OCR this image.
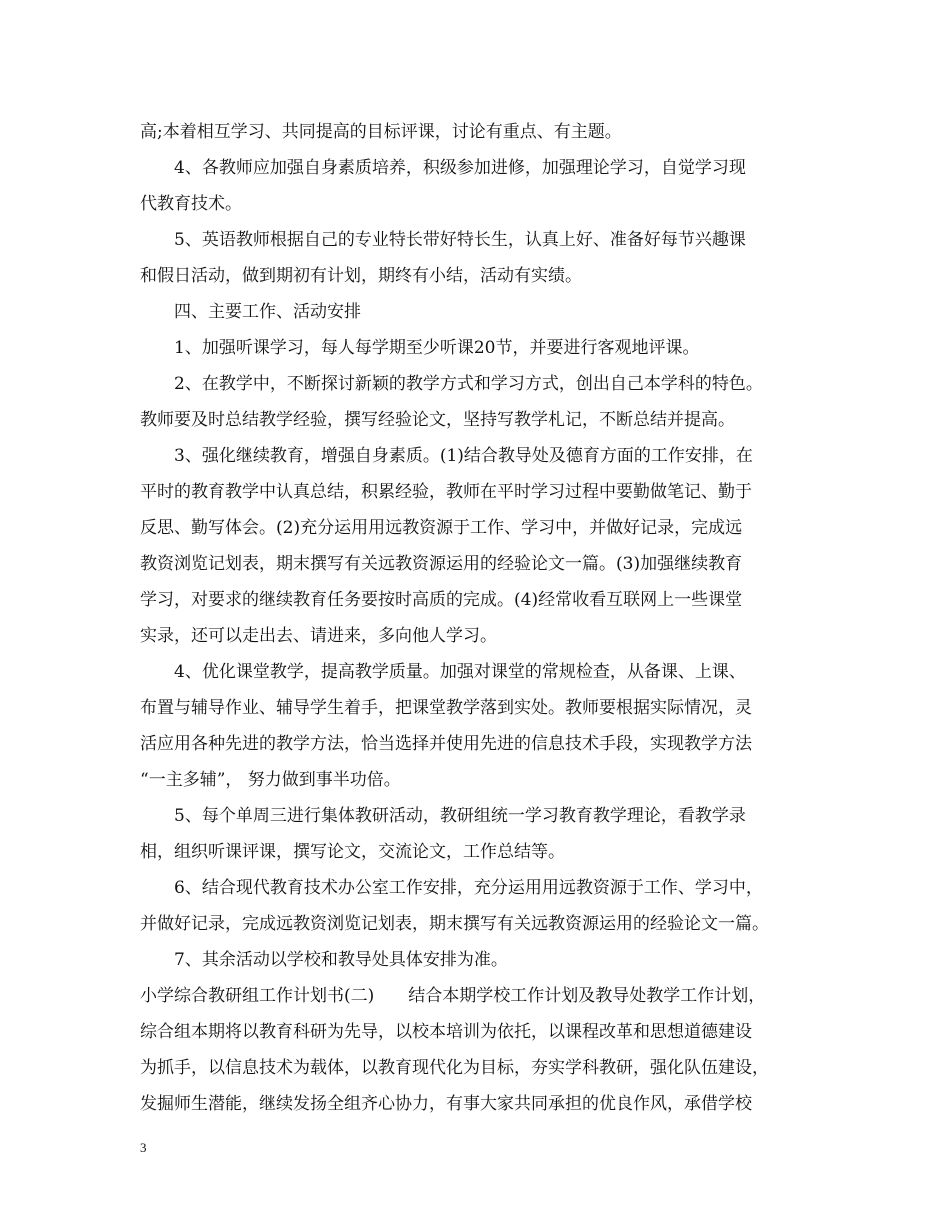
高;本着相互学习、共同提高的目标评课，讨论有重点、有主题。
4、各教师应加强自身素质培养，积级参加进修，加强理论学习，自觉学习现
代教育技术。
5、英语教师根据自己的专业特长带好特长生，认真上好、准备好每节兴趣课
和假日活动，做到期初有计划，期终有小结，活动有实绩。
四、主要工作、活动安排
1、加强听课学习，每人每学期至少听课20节，并要进行客观地评课。
2、在教学中，不断探讨新颖的教学方式和学习方式，创出自己本学科的特色。
教师要及时总结教学经验，撰写经验论文，坚持写教学札记，不断总结并提高。
3、强化继续教育，增强自身素质。(1)结合教导处及德育方面的工作安排，在
平时的教育教学中认真总结，积累经验，教师在平时学习过程中要勤做笔记、勤于
反思、勤写体会。(2)充分运用用远教资源于工作、学习中，并做好记录，完成远
教资浏览记划表，期末撰写有关远教资源运用的经验论文一篇。(3)加强继续教育
学习，对要求的继续教育任务要按时高质的完成。(4)经常收看互联网上一些课堂
实录，还可以走出去、请进来，多向他人学习。
4、优化课堂教学，提高教学质量。加强对课堂的常规检查，从备课、上课、
布置与辅导作业、辅导学生着手，把课堂教学落到实处。教师要根据实际情况，灵
活应用各种先进的教学方法，恰当选择并使用先进的信息技术手段，实现教学方法
“一主多辅”， 努力做到事半功倍。
5、每个单周三进行集体教研活动，教研组统一学习教育教学理论，看教学录
相，组织听课评课，撰写论文，交流论文，工作总结等。
6、结合现代教育技术办公室工作安排，充分运用用远教资源于工作、学习中，
并做好记录，完成远教资浏览记划表，期末撰写有关远教资源运用的经验论文一篇。
7、其余活动以学校和教导处具体安排为准。
小学综合教研组工作计划书(二)　　结合本期学校工作计划及教导处教学工作计划，
综合组本期将以教育科研为先导，以校本培训为依托，以课程改革和思想道德建设
为抓手，以信息技术为载体，以教育现代化为目标，夯实学科教研，强化队伍建设，
发掘师生潜能，继续发扬全组齐心协力，有事大家共同承担的优良作风，承借学校
3
